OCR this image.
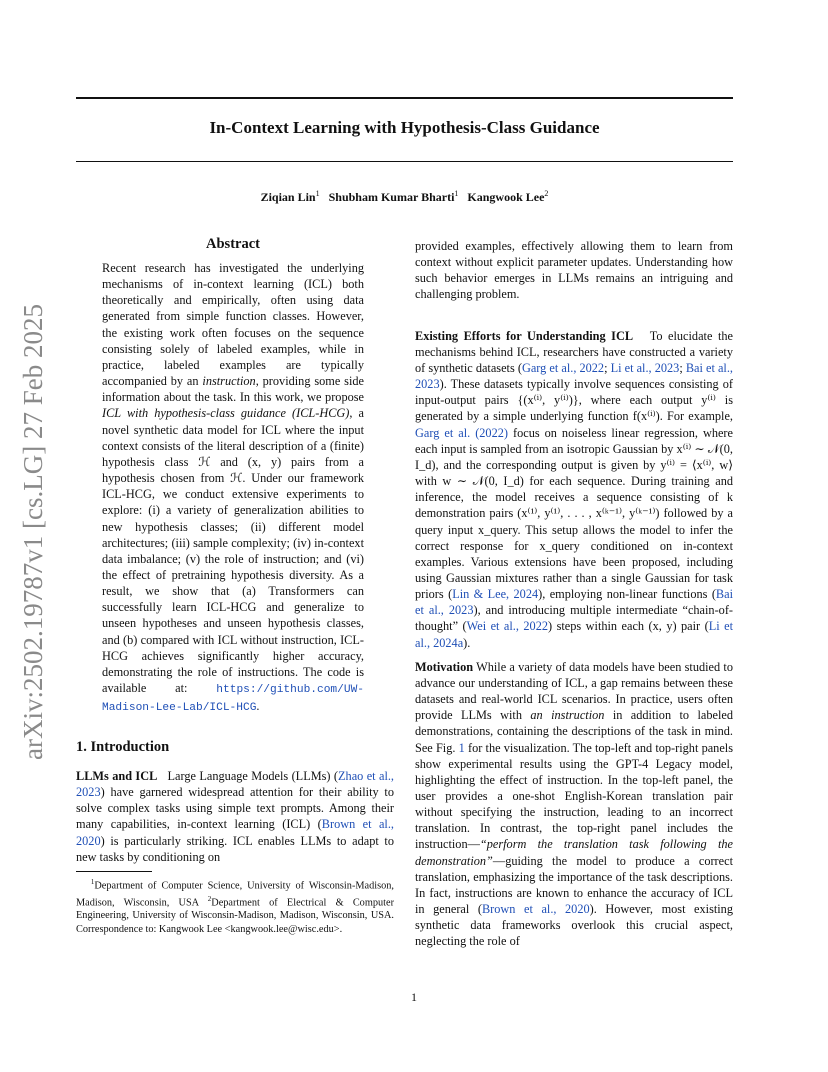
In-Context Learning with Hypothesis-Class Guidance
Ziqian Lin$^1$ Shubham Kumar Bharti$^1$ Kangwook Lee$^2$
arXiv:2502.19787v1 [cs.LG] 27 Feb 2025
Abstract

Recent research has investigated the underlying mechanisms of in-context learning (ICL) both theoretically and empirically, often using data generated from simple function classes. However, the existing work often focuses on the sequence consisting solely of labeled examples, while in practice, labeled examples are typically accompanied by an instruction, providing some side information about the task. In this work, we propose ICL with hypothesis-class guidance (ICL-HCG), a novel synthetic data model for ICL where the input context consists of the literal description of a (finite) hypothesis class ℋ and (x, y) pairs from a hypothesis chosen from ℋ. Under our framework ICL-HCG, we conduct extensive experiments to explore: (i) a variety of generalization abilities to new hypothesis classes; (ii) different model architectures; (iii) sample complexity; (iv) in-context data imbalance; (v) the role of instruction; and (vi) the effect of pretraining hypothesis diversity. As a result, we show that (a) Transformers can successfully learn ICL-HCG and generalize to unseen hypotheses and unseen hypothesis classes, and (b) compared with ICL without instruction, ICL-HCG achieves significantly higher accuracy, demonstrating the role of instructions. The code is available at: https://github.com/UW-Madison-Lee-Lab/ICL-HCG.

1. Introduction

LLMs and ICL Large Language Models (LLMs) (Zhao et al., 2023) have garnered widespread attention for their ability to solve complex tasks using simple text prompts. Among their many capabilities, in-context learning (ICL) (Brown et al., 2020) is particularly striking. ICL enables LLMs to adapt to new tasks by conditioning on

$^1$Department of Computer Science, University of Wisconsin-Madison, Madison, Wisconsin, USA $^2$Department of Electrical & Computer Engineering, University of Wisconsin-Madison, Madison, Wisconsin, USA. Correspondence to: Kangwook Lee <kangwook.lee@wisc.edu>.

provided examples, effectively allowing them to learn from context without explicit parameter updates. Understanding how such behavior emerges in LLMs remains an intriguing and challenging problem.

Existing Efforts for Understanding ICL To elucidate the mechanisms behind ICL, researchers have constructed a variety of synthetic datasets (Garg et al., 2022; Li et al., 2023; Bai et al., 2023). These datasets typically involve sequences consisting of input-output pairs {(x⁽ⁱ⁾, y⁽ⁱ⁾)}, where each output y⁽ⁱ⁾ is generated by a simple underlying function f(x⁽ⁱ⁾). For example, Garg et al. (2022) focus on noiseless linear regression, where each input is sampled from an isotropic Gaussian by x⁽ⁱ⁾ ∼ 𝒩(0, I_d), and the corresponding output is given by y⁽ⁱ⁾ = ⟨x⁽ⁱ⁾, w⟩ with w ∼ 𝒩(0, I_d) for each sequence. During training and inference, the model receives a sequence consisting of k demonstration pairs (x⁽¹⁾, y⁽¹⁾, . . . , x⁽ᵏ⁻¹⁾, y⁽ᵏ⁻¹⁾) followed by a query input x_query. This setup allows the model to infer the correct response for x_query conditioned on in-context examples. Various extensions have been proposed, including using Gaussian mixtures rather than a single Gaussian for task priors (Lin & Lee, 2024), employing non-linear functions (Bai et al., 2023), and introducing multiple intermediate “chain-of-thought” (Wei et al., 2022) steps within each (x, y) pair (Li et al., 2024a).

Motivation While a variety of data models have been studied to advance our understanding of ICL, a gap remains between these datasets and real-world ICL scenarios. In practice, users often provide LLMs with an instruction in addition to labeled demonstrations, containing the descriptions of the task in mind. See Fig. 1 for the visualization. The top-left and top-right panels show experimental results using the GPT-4 Legacy model, highlighting the effect of instruction. In the top-left panel, the user provides a one-shot English-Korean translation pair without specifying the instruction, leading to an incorrect translation. In contrast, the top-right panel includes the instruction—“perform the translation task following the demonstration”—guiding the model to produce a correct translation, emphasizing the importance of the task descriptions. In fact, instructions are known to enhance the accuracy of ICL in general (Brown et al., 2020). However, most existing synthetic data frameworks overlook this crucial aspect, neglecting the role of

1
